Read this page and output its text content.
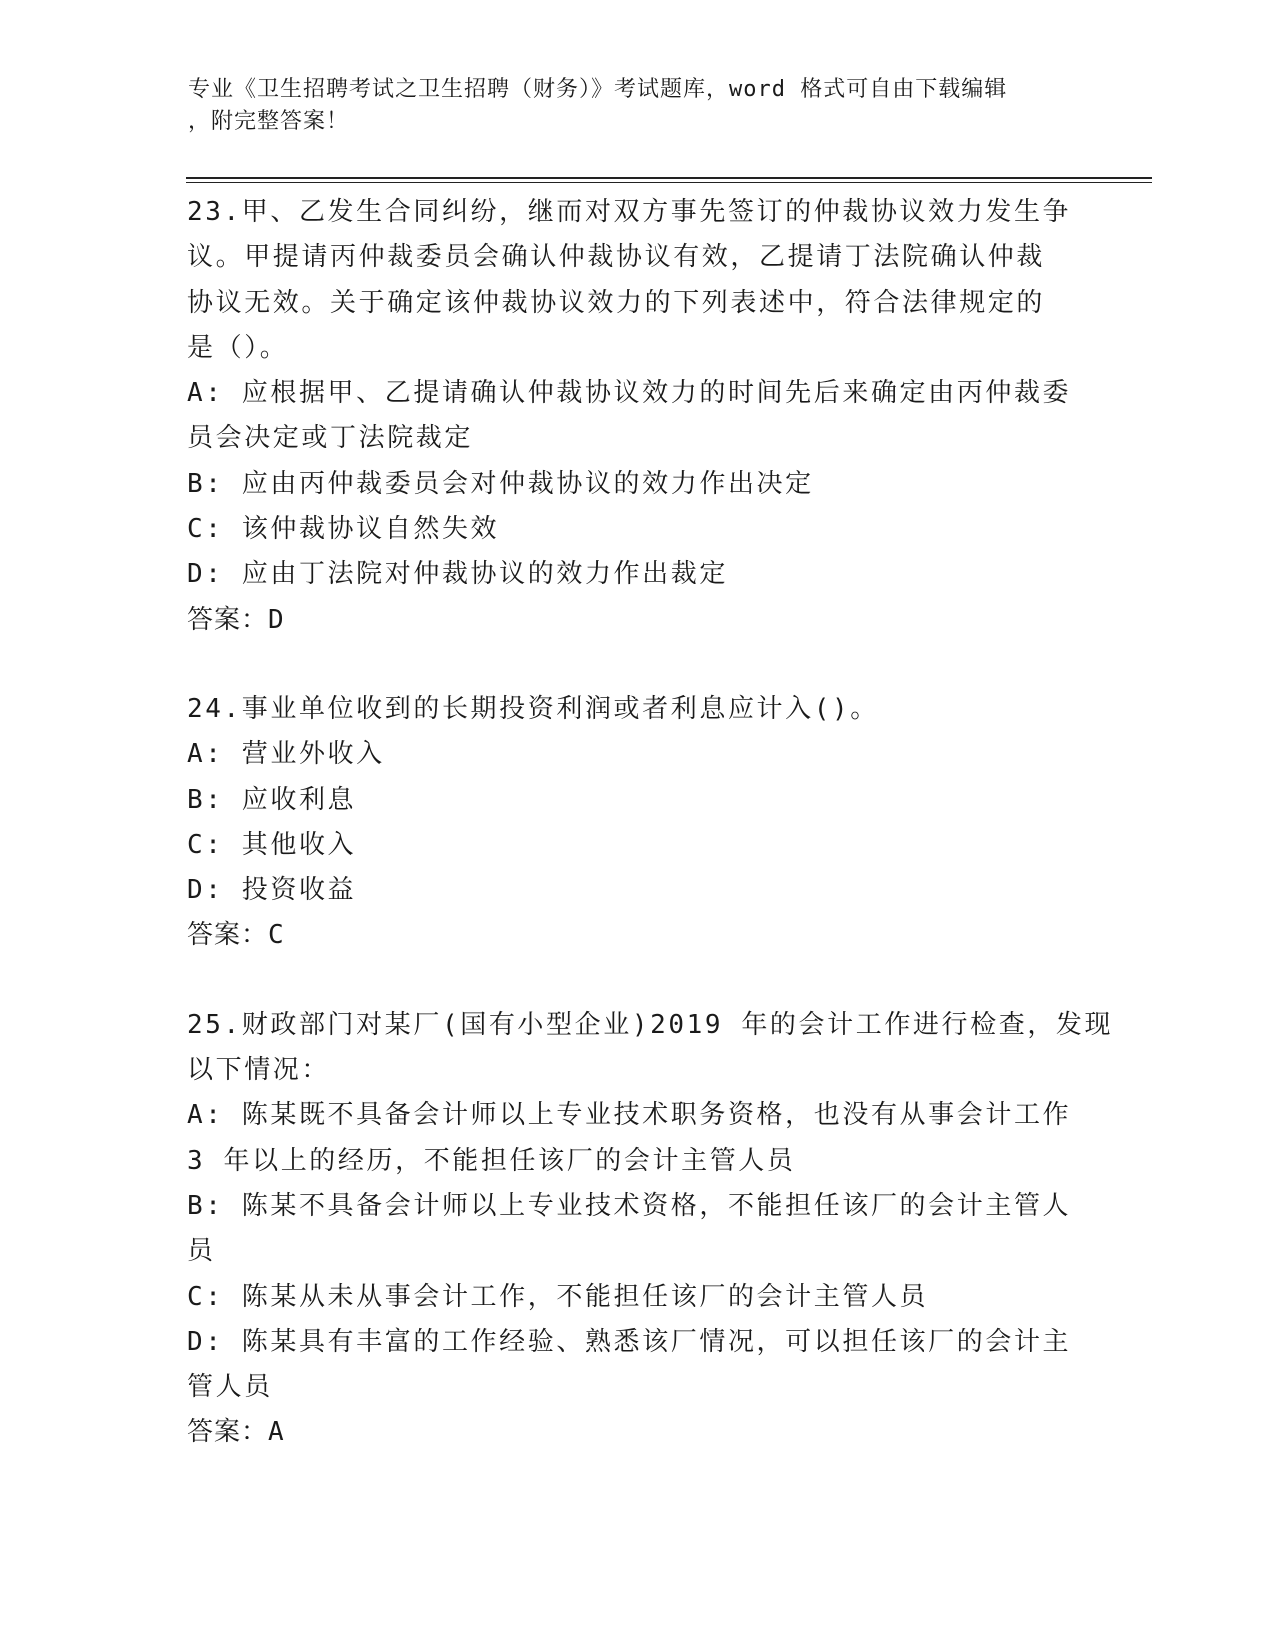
专业《卫生招聘考试之卫生招聘（财务）》考试题库，word 格式可自由下载编辑
，附完整答案！
23.甲、乙发生合同纠纷，继而对双方事先签订的仲裁协议效力发生争
议。甲提请丙仲裁委员会确认仲裁协议有效，乙提请丁法院确认仲裁
协议无效。关于确定该仲裁协议效力的下列表述中，符合法律规定的
是（）。
A: 应根据甲、乙提请确认仲裁协议效力的时间先后来确定由丙仲裁委
员会决定或丁法院裁定
B: 应由丙仲裁委员会对仲裁协议的效力作出决定
C: 该仲裁协议自然失效
D: 应由丁法院对仲裁协议的效力作出裁定
答案：D
24.事业单位收到的长期投资利润或者利息应计入()。
A: 营业外收入
B: 应收利息
C: 其他收入
D: 投资收益
答案：C
25.财政部门对某厂(国有小型企业)2019 年的会计工作进行检查，发现
以下情况：
A: 陈某既不具备会计师以上专业技术职务资格，也没有从事会计工作
3 年以上的经历，不能担任该厂的会计主管人员
B: 陈某不具备会计师以上专业技术资格，不能担任该厂的会计主管人
员
C: 陈某从未从事会计工作，不能担任该厂的会计主管人员
D: 陈某具有丰富的工作经验、熟悉该厂情况，可以担任该厂的会计主
管人员
答案：A
